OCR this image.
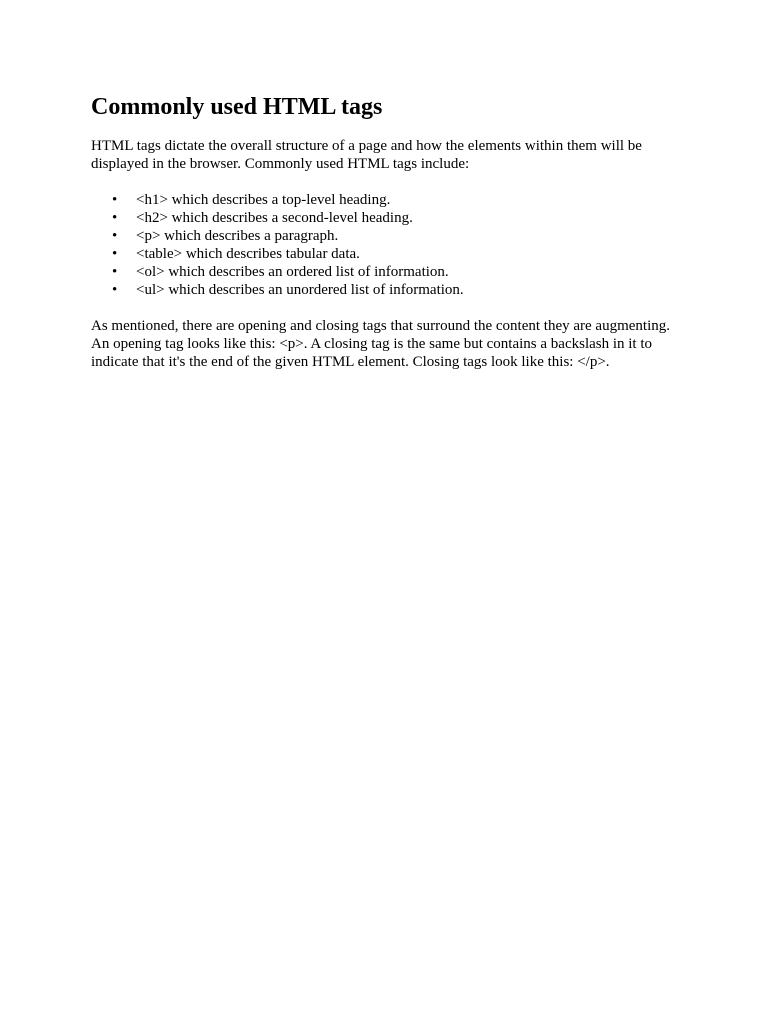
Commonly used HTML tags

HTML tags dictate the overall structure of a page and how the elements within them will be displayed in the browser. Commonly used HTML tags include:

• <h1> which describes a top-level heading.
• <h2> which describes a second-level heading.
• <p> which describes a paragraph.
• <table> which describes tabular data.
• <ol> which describes an ordered list of information.
• <ul> which describes an unordered list of information.

As mentioned, there are opening and closing tags that surround the content they are augmenting. An opening tag looks like this: <p>. A closing tag is the same but contains a backslash in it to indicate that it's the end of the given HTML element. Closing tags look like this: </p>.
